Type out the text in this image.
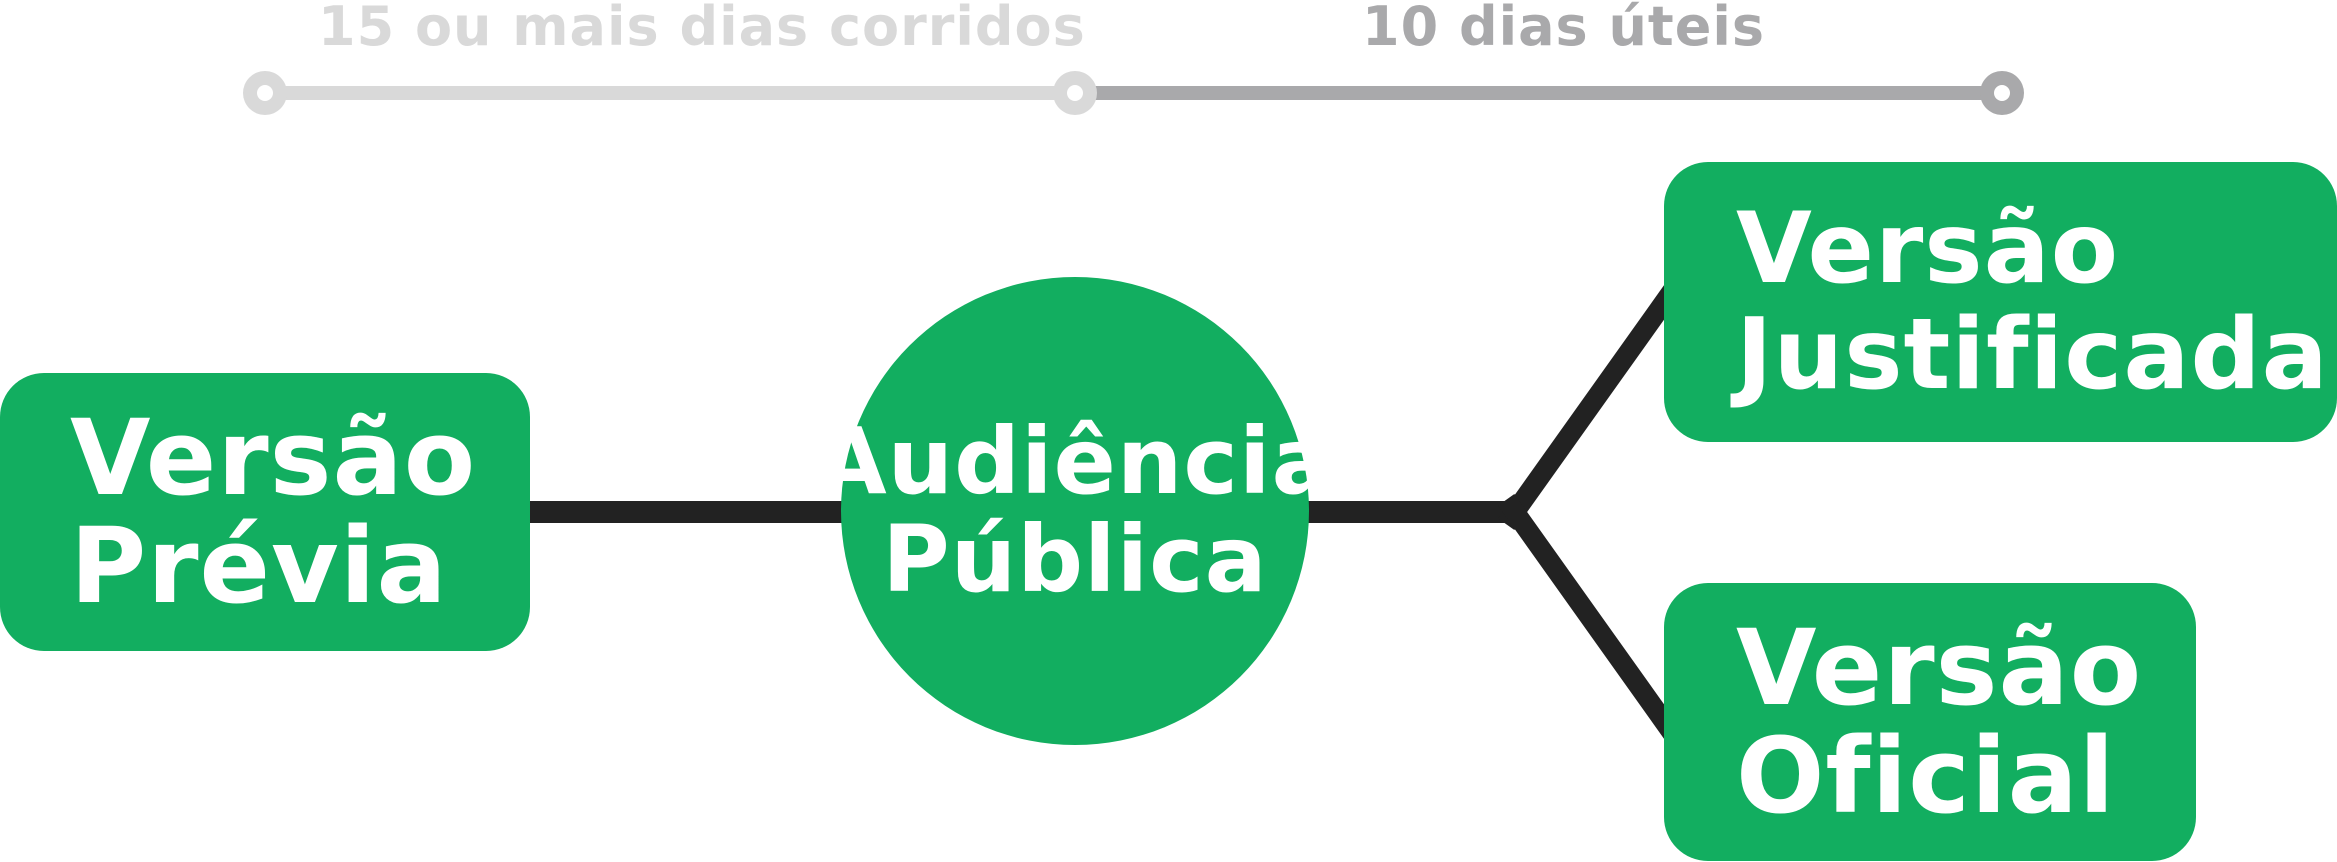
15 ou mais dias corridos	10 dias úteis
Versão
Prévia
Audiência
Pública
Versão
Justificada
Versão
Oficial
